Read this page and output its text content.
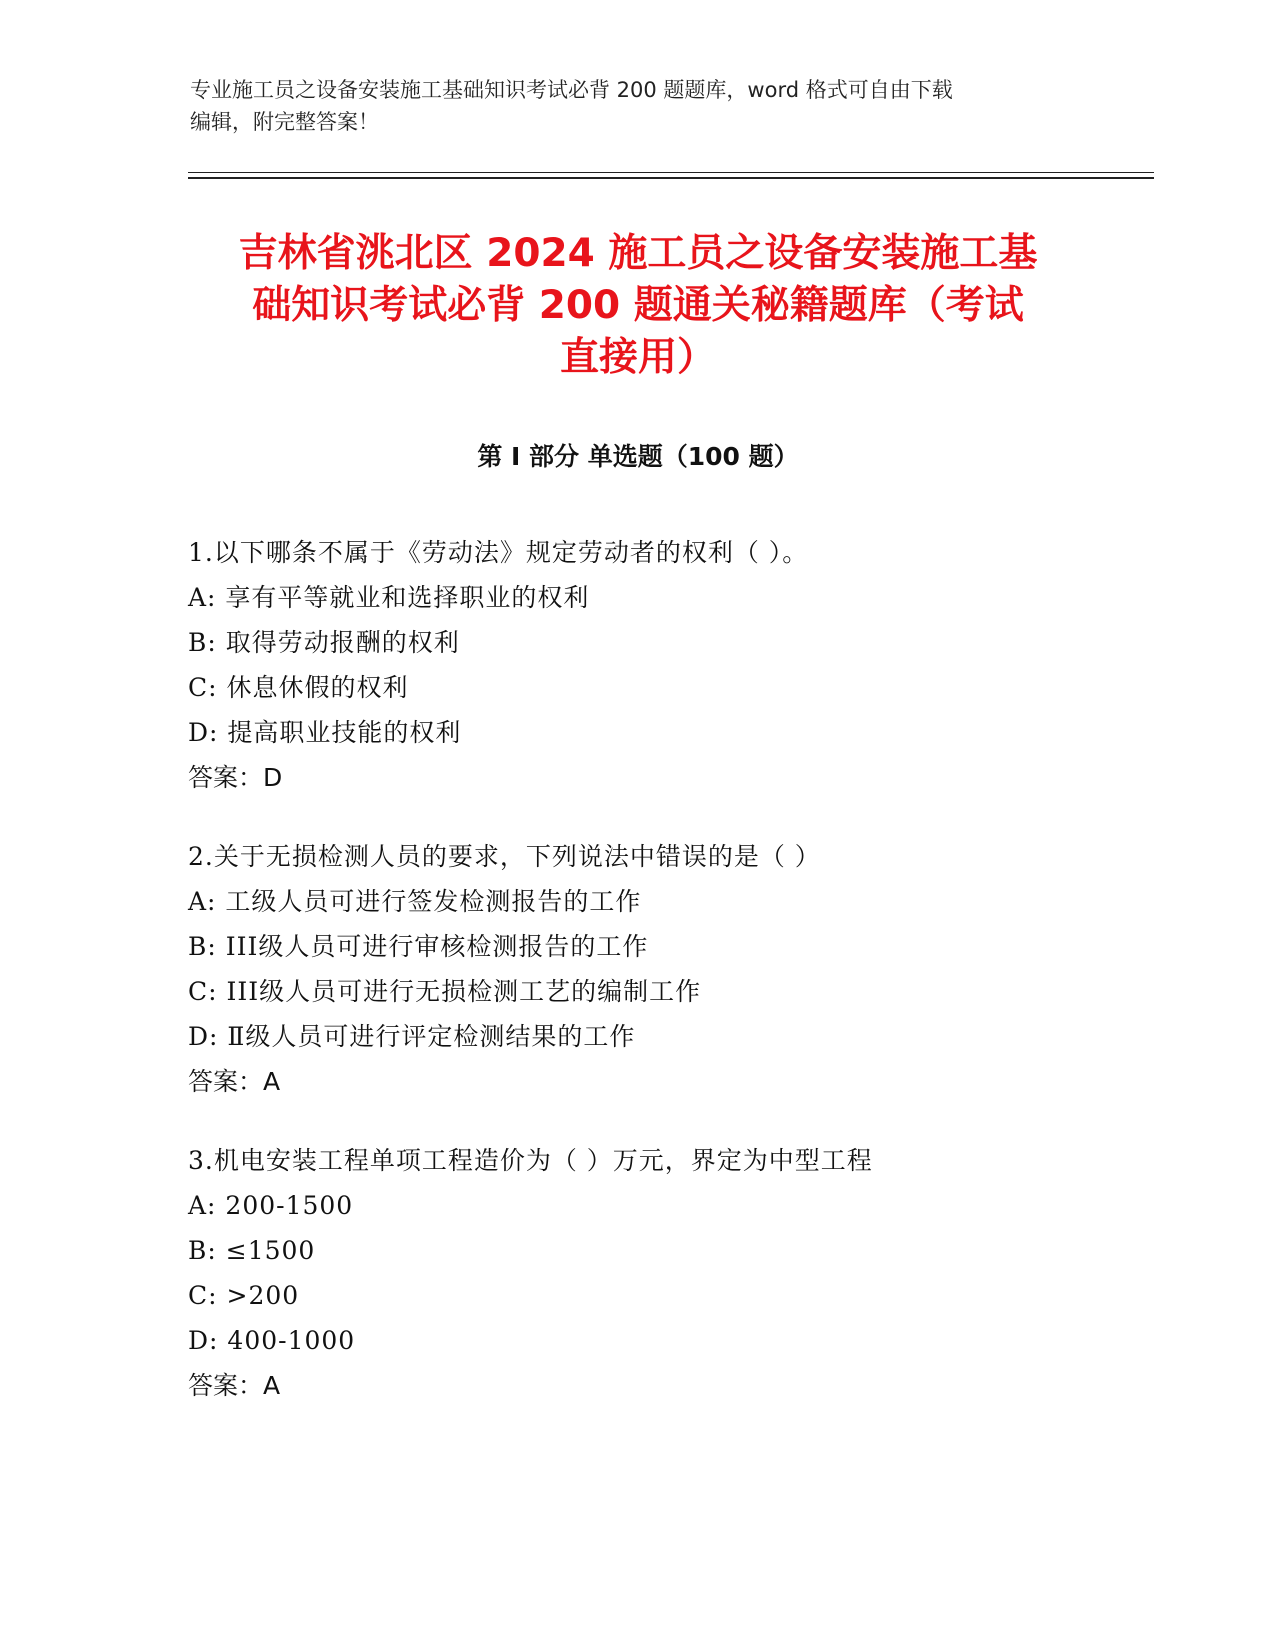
专业施工员之设备安装施工基础知识考试必背 200 题题库，word 格式可自由下载
编辑，附完整答案！
吉林省洮北区 2024 施工员之设备安装施工基
础知识考试必背 200 题通关秘籍题库（考试
直接用）
第 I 部分 单选题（100 题）
1.以下哪条不属于《劳动法》规定劳动者的权利（ ）。
A: 享有平等就业和选择职业的权利
B: 取得劳动报酬的权利
C: 休息休假的权利
D: 提高职业技能的权利
答案：D
2.关于无损检测人员的要求，下列说法中错误的是（ ）
A: 工级人员可进行签发检测报告的工作
B: III级人员可进行审核检测报告的工作
C: III级人员可进行无损检测工艺的编制工作
D: Ⅱ级人员可进行评定检测结果的工作
答案：A
3.机电安装工程单项工程造价为（ ）万元，界定为中型工程
A: 200-1500
B: ≤1500
C: >200
D: 400-1000
答案：A
